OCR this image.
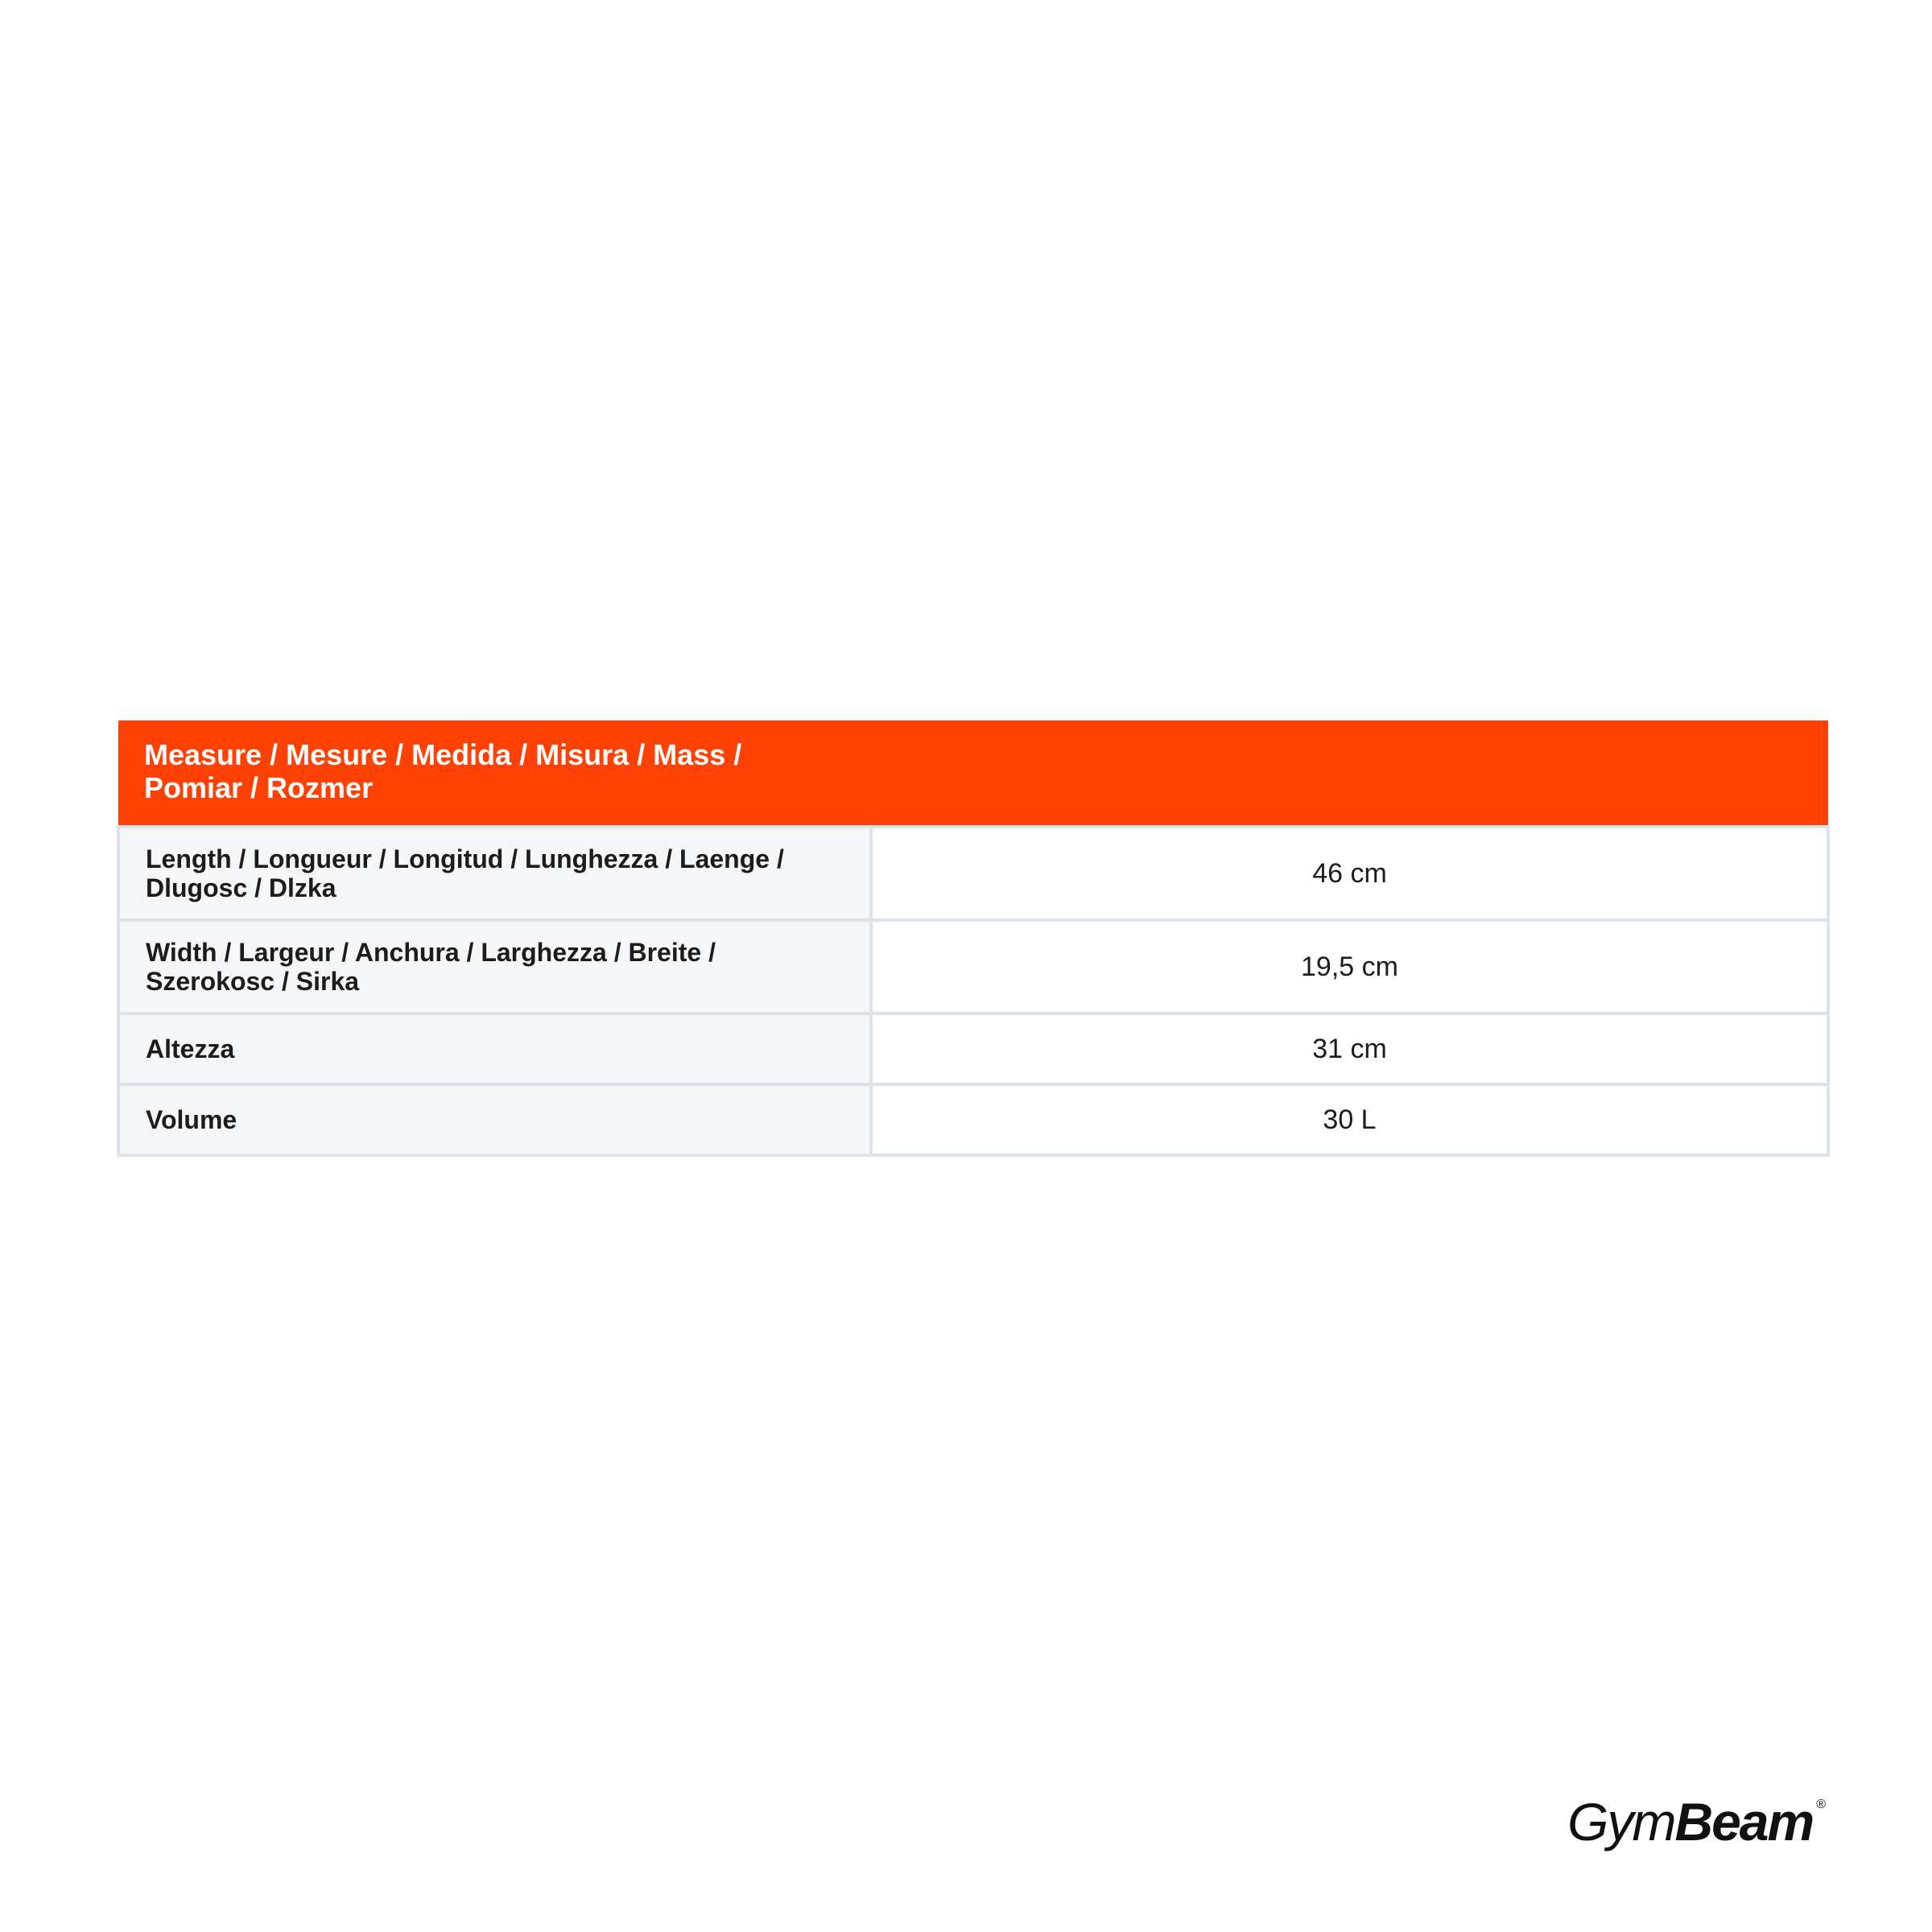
Measure / Mesure / Medida / Misura / Mass / Pomiar / Rozmer	

Length / Longueur / Longitud / Lunghezza / Laenge / Dlugosc / Dlzka	46 cm

Width / Largeur / Anchura / Larghezza / Breite / Szerokosc / Sirka	19,5 cm

Altezza	31 cm

Volume	30 L
Gym Beam ®
